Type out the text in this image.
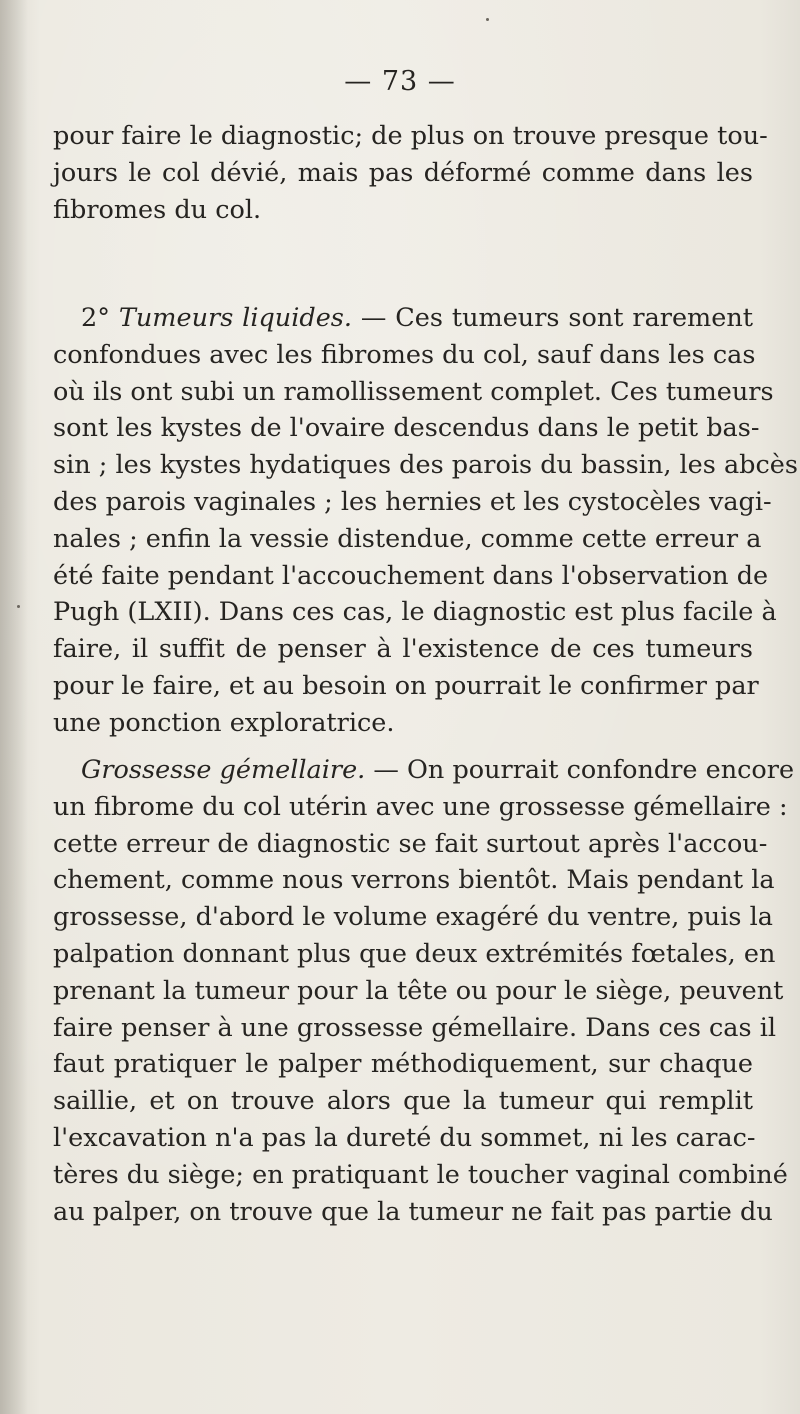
— 73 —
pour faire le diagnostic; de plus on trouve presque tou-
jours le col dévié, mais pas déformé comme dans les
fibromes du col.
2° Tumeurs liquides. — Ces tumeurs sont rarement
confondues avec les fibromes du col, sauf dans les cas
où ils ont subi un ramollissement complet. Ces tumeurs
sont les kystes de l'ovaire descendus dans le petit bas-
sin ; les kystes hydatiques des parois du bassin, les abcès
des parois vaginales ; les hernies et les cystocèles vagi-
nales ; enfin la vessie distendue, comme cette erreur a
été faite pendant l'accouchement dans l'observation de
Pugh (LXII). Dans ces cas, le diagnostic est plus facile à
faire, il suffit de penser à l'existence de ces tumeurs
pour le faire, et au besoin on pourrait le confirmer par
une ponction exploratrice.
Grossesse gémellaire. — On pourrait confondre encore
un fibrome du col utérin avec une grossesse gémellaire :
cette erreur de diagnostic se fait surtout après l'accou-
chement, comme nous verrons bientôt. Mais pendant la
grossesse, d'abord le volume exagéré du ventre, puis la
palpation donnant plus que deux extrémités fœtales, en
prenant la tumeur pour la tête ou pour le siège, peuvent
faire penser à une grossesse gémellaire. Dans ces cas il
faut pratiquer le palper méthodiquement, sur chaque
saillie, et on trouve alors que la tumeur qui remplit
l'excavation n'a pas la dureté du sommet, ni les carac-
tères du siège; en pratiquant le toucher vaginal combiné
au palper, on trouve que la tumeur ne fait pas partie du
